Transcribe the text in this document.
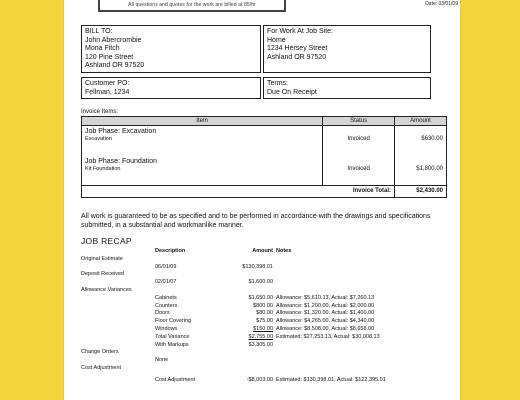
All questions and quotes for the work are billed at 85/hr	Date: 03/01/09
BILL TO:
John Abercrombie
Mona Fitch
120 Pine Street
Ashland OR 97520
For Work At Job Site:
Home
1234 Hersey Street
Ashland OR 97520
Customer PO:
Fellman, 1234
Terms:
Due On Receipt
Invoice Items:
Item	Status	Amount

Job Phase: Excavation
Excavation	Invoiced	$630.00

Job Phase: Foundation
Kit Foundation	Invoiced	$1,800.00

Invoice Total:		$2,430.00
All work is guaranteed to be as specified and to be performed in accordance with the drawings and specifications submitted, in a substantial and workmanlike manner.
JOB RECAP
Description	Amount Notes
Original Estimate
06/01/09	$130,398.01
Deposit Received
02/01/07	$1,600.00
Allowance Variances
Cabinets	$1,650.00 Allowance: $5,610.13, Actual: $7,260.13
Counters	$800.00 Allowance: $1,200.00, Actual: $2,000.00
Doors	$80.00 Allowance: $1,320.00, Actual: $1,400.00
Floor Covering	$75.00 Allowance: $4,265.00, Actual: $4,340.00
Windows	$150.00 Allowance: $8,508.00, Actual: $8,658.00
Total Variance	$2,755.00 Estimated: $27,253.13, Actual: $30,008.13
With Markups	$3,305.00
Change Orders
None
Cost Adjustment
Cost Adjustment	-$8,003.00 Estimated: $130,398.01, Actual: $122,395.01
